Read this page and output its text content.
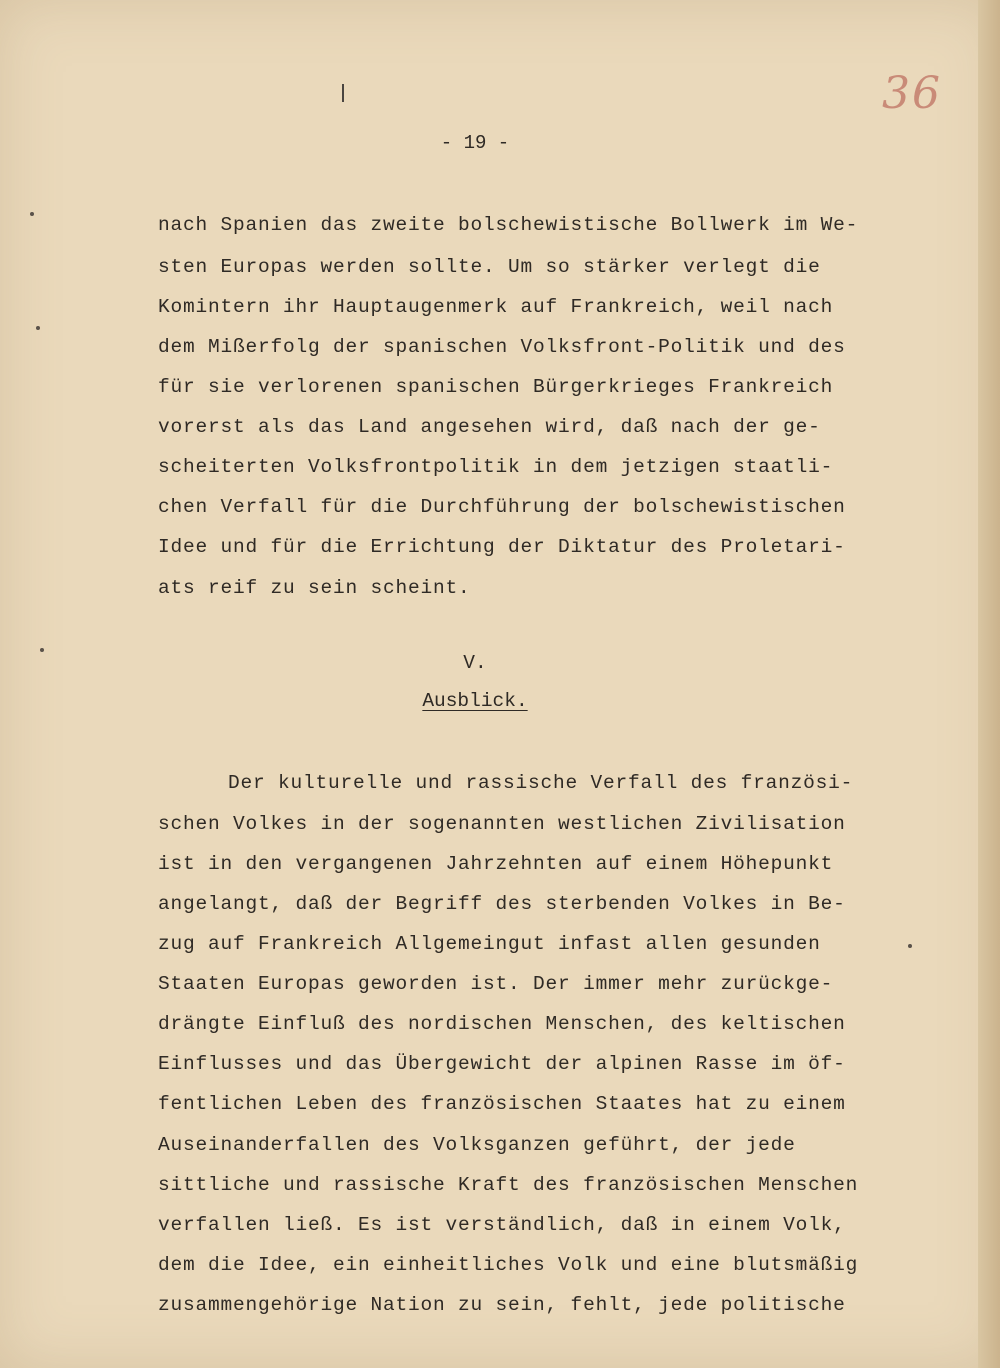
36
- 19 -
nach Spanien das zweite bolschewistische Bollwerk im We-
sten Europas werden sollte. Um so stärker verlegt die
Komintern ihr Hauptaugenmerk auf Frankreich, weil nach
dem Mißerfolg der spanischen Volksfront-Politik und des
für sie verlorenen spanischen Bürgerkrieges Frankreich
vorerst als das Land angesehen wird, daß nach der ge-
scheiterten Volksfrontpolitik in dem jetzigen staatli-
chen Verfall für die Durchführung der bolschewistischen
Idee und für die Errichtung der Diktatur des Proletari-
ats reif zu sein scheint.
V.
Ausblick.
Der kulturelle und rassische Verfall des französi-
schen Volkes in der sogenannten westlichen Zivilisation
ist in den vergangenen Jahrzehnten auf einem Höhepunkt
angelangt, daß der Begriff des sterbenden Volkes in Be-
zug auf Frankreich Allgemeingut infast allen gesunden
Staaten Europas geworden ist. Der immer mehr zurückge-
drängte Einfluß des nordischen Menschen, des keltischen
Einflusses und das Übergewicht der alpinen Rasse im öf-
fentlichen Leben des französischen Staates hat zu einem
Auseinanderfallen des Volksganzen geführt, der jede
sittliche und rassische Kraft des französischen Menschen
verfallen ließ. Es ist verständlich, daß in einem Volk,
dem die Idee, ein einheitliches Volk und eine blutsmäßig
zusammengehörige Nation zu sein, fehlt, jede politische
